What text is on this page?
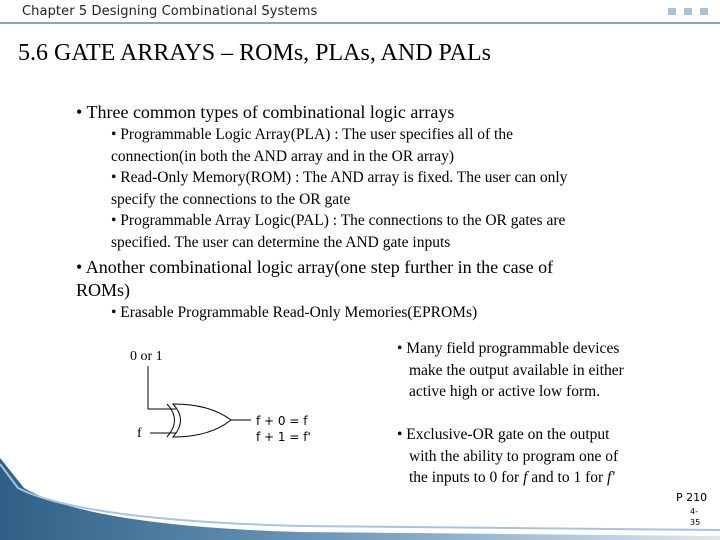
Chapter 5 Designing Combinational Systems
5.6 GATE ARRAYS – ROMs, PLAs, AND PALs
• Three common types of combinational logic arrays
• Programmable Logic Array(PLA) : The user specifies all of the
connection(in both the AND array and in the OR array)
• Read-Only Memory(ROM) : The AND array is fixed. The user can only
specify the connections to the OR gate
• Programmable Array Logic(PAL) : The connections to the OR gates are
specified. The user can determine the AND gate inputs
• Another combinational logic array(one step further in the case of
ROMs)
• Erasable Programmable Read-Only Memories(EPROMs)
0 or 1
f
f + 0 = f
f + 1 = f'
• Many field programmable devices
make the output available in either
active high or active low form.
• Exclusive-OR gate on the output
with the ability to program one of
the inputs to 0 for f and to 1 for f'
P 210
4-
35
